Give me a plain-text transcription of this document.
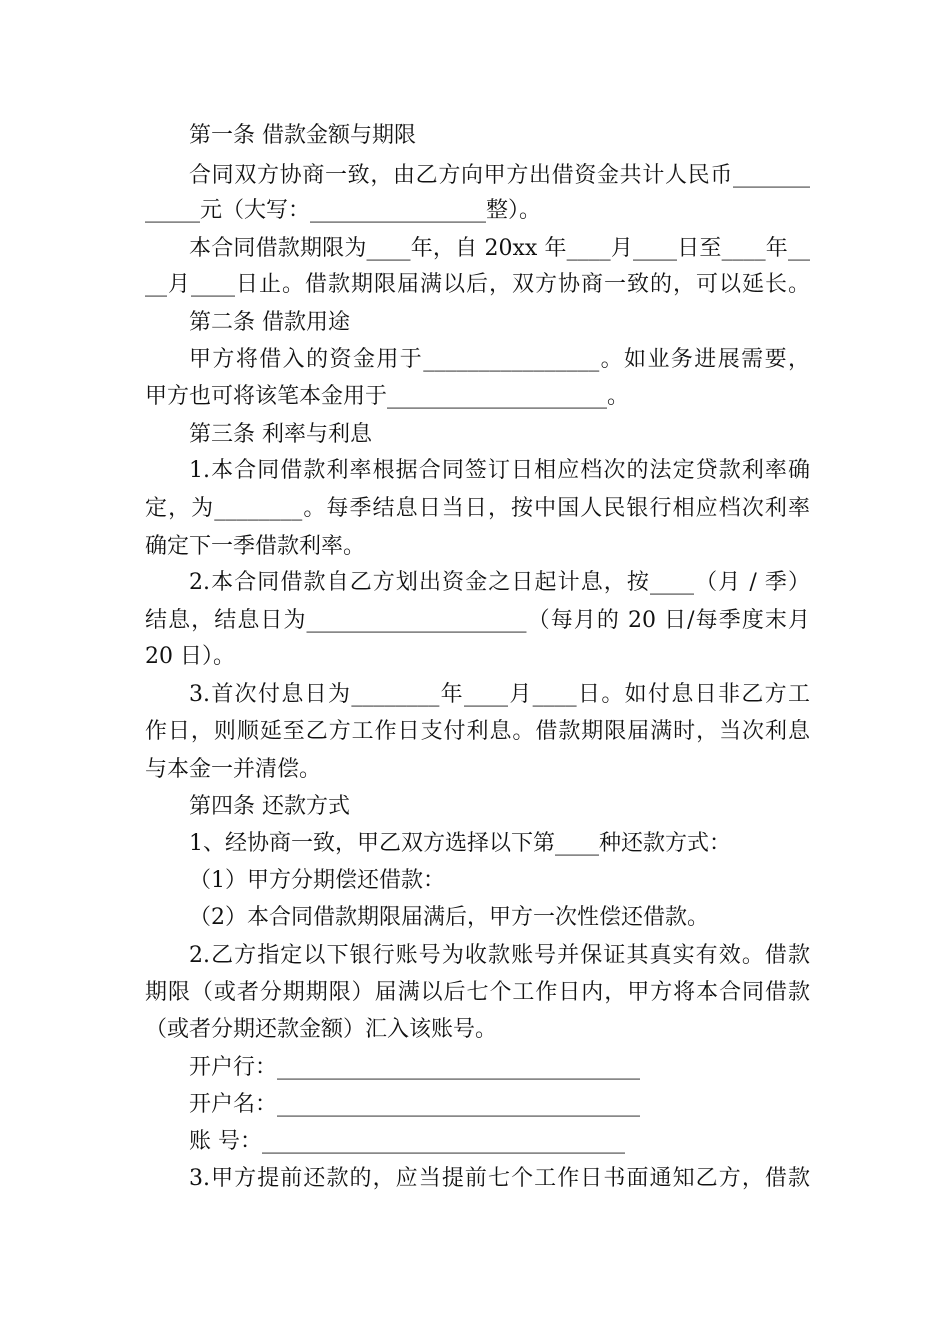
第一条 借款金额与期限
合同双方协商一致，由乙方向甲方出借资金共计人民币_______
_____元（大写：________________整）。
本合同借款期限为____年，自 20xx 年____月____日至____年__
__月____日止。借款期限届满以后，双方协商一致的，可以延长。
第二条 借款用途
甲方将借入的资金用于________________。如业务进展需要，
甲方也可将该笔本金用于____________________。
第三条 利率与利息
1.本合同借款利率根据合同签订日相应档次的法定贷款利率确
定，为________。每季结息日当日，按中国人民银行相应档次利率
确定下一季借款利率。
2.本合同借款自乙方划出资金之日起计息，按____（月 / 季）
结息，结息日为____________________（每月的 20 日/每季度末月
20 日）。
3.首次付息日为________年____月____日。如付息日非乙方工
作日，则顺延至乙方工作日支付利息。借款期限届满时，当次利息
与本金一并清偿。
第四条 还款方式
1、经协商一致，甲乙双方选择以下第____种还款方式：
（1）甲方分期偿还借款：
（2）本合同借款期限届满后，甲方一次性偿还借款。
2.乙方指定以下银行账号为收款账号并保证其真实有效。借款
期限（或者分期期限）届满以后七个工作日内，甲方将本合同借款
（或者分期还款金额）汇入该账号。
开户行：_________________________________
开户名：_________________________________
账 号：_________________________________
3.甲方提前还款的，应当提前七个工作日书面通知乙方，借款
